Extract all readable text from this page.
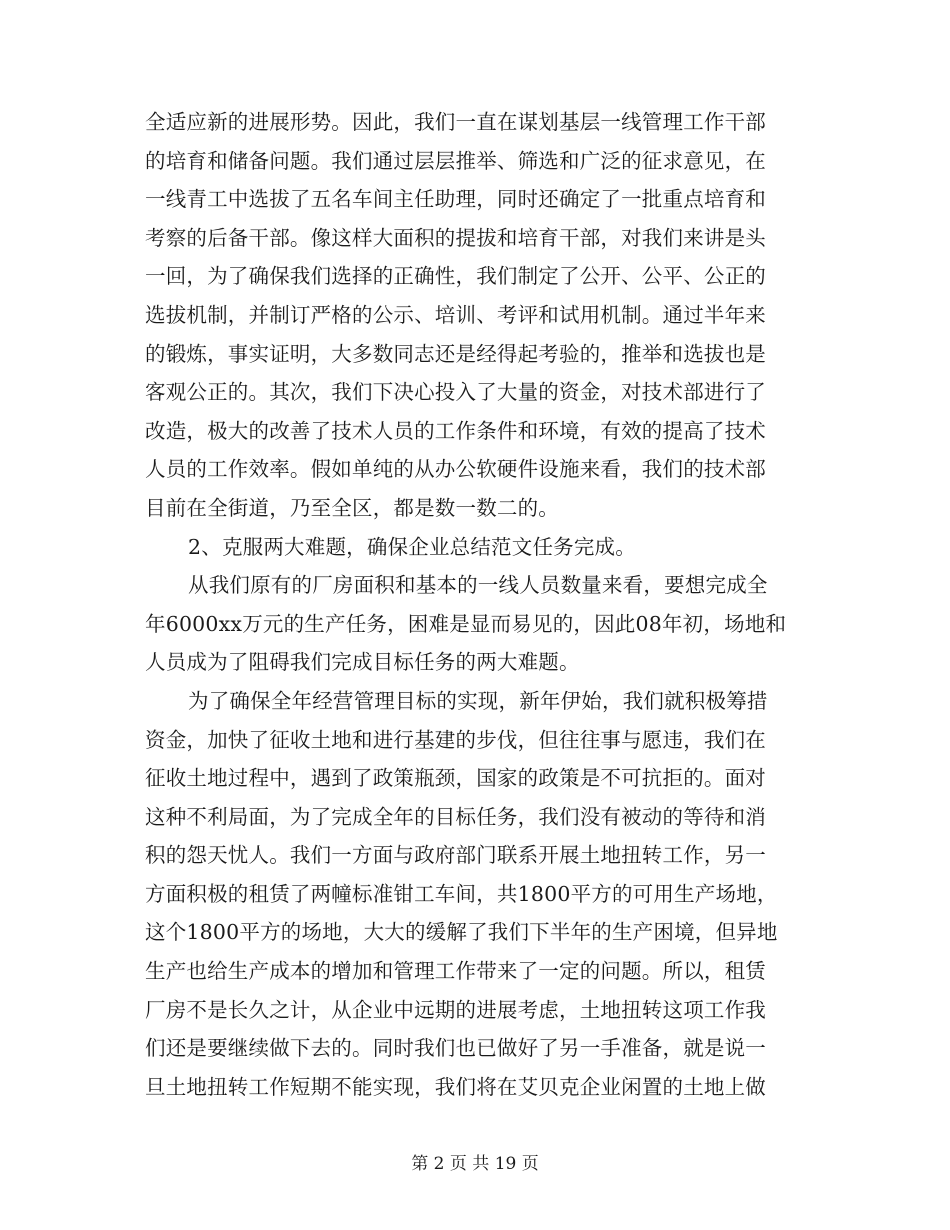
全适应新的进展形势。因此，我们一直在谋划基层一线管理工作干部
的培育和储备问题。我们通过层层推举、筛选和广泛的征求意见，在
一线青工中选拔了五名车间主任助理，同时还确定了一批重点培育和
考察的后备干部。像这样大面积的提拔和培育干部，对我们来讲是头
一回，为了确保我们选择的正确性，我们制定了公开、公平、公正的
选拔机制，并制订严格的公示、培训、考评和试用机制。通过半年来
的锻炼，事实证明，大多数同志还是经得起考验的，推举和选拔也是
客观公正的。其次，我们下决心投入了大量的资金，对技术部进行了
改造，极大的改善了技术人员的工作条件和环境，有效的提高了技术
人员的工作效率。假如单纯的从办公软硬件设施来看，我们的技术部
目前在全街道，乃至全区，都是数一数二的。
2、克服两大难题，确保企业总结范文任务完成。
从我们原有的厂房面积和基本的一线人员数量来看，要想完成全
年6000xx万元的生产任务，困难是显而易见的，因此08年初，场地和
人员成为了阻碍我们完成目标任务的两大难题。
为了确保全年经营管理目标的实现，新年伊始，我们就积极筹措
资金，加快了征收土地和进行基建的步伐，但往往事与愿违，我们在
征收土地过程中，遇到了政策瓶颈，国家的政策是不可抗拒的。面对
这种不利局面，为了完成全年的目标任务，我们没有被动的等待和消
积的怨天忧人。我们一方面与政府部门联系开展土地扭转工作，另一
方面积极的租赁了两幢标准钳工车间，共1800平方的可用生产场地，
这个1800平方的场地，大大的缓解了我们下半年的生产困境，但异地
生产也给生产成本的增加和管理工作带来了一定的问题。所以，租赁
厂房不是长久之计，从企业中远期的进展考虑，土地扭转这项工作我
们还是要继续做下去的。同时我们也已做好了另一手准备，就是说一
旦土地扭转工作短期不能实现，我们将在艾贝克企业闲置的土地上做
第 2 页 共 19 页
